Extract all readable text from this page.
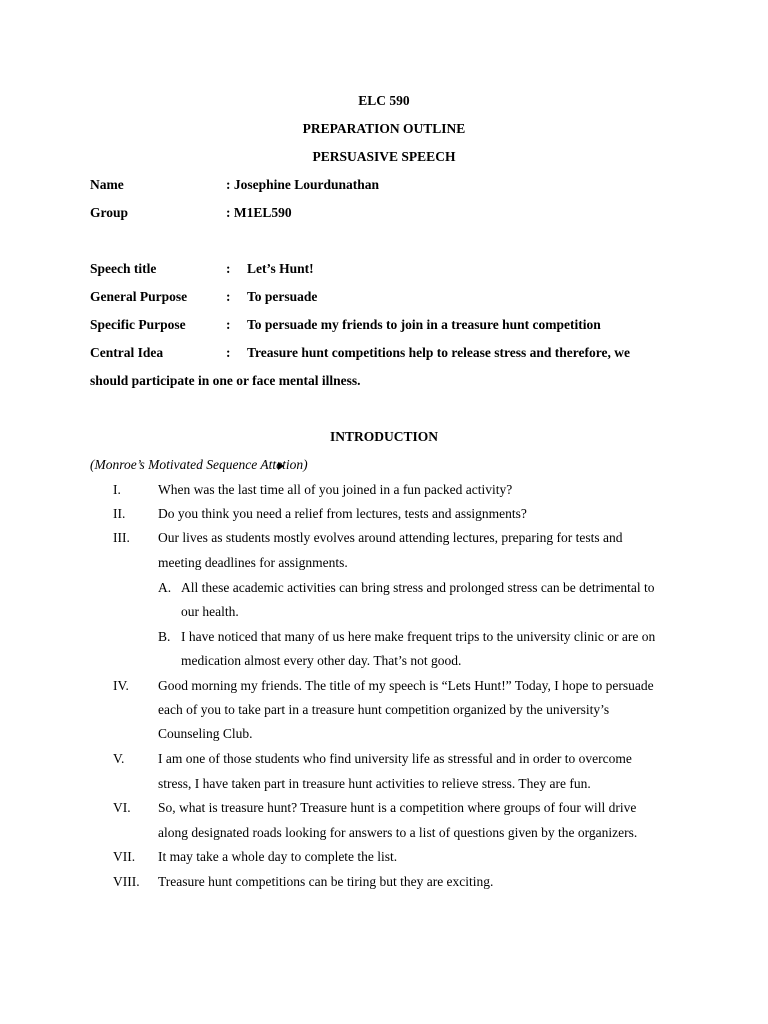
ELC 590
PREPARATION OUTLINE
PERSUASIVE SPEECH
Name	: Josephine Lourdunathan
Group	: M1EL590
Speech title	: Let’s Hunt!
General Purpose	: To persuade
Specific Purpose	: To persuade my friends to join in a treasure hunt competition
Central Idea	: Treasure hunt competitions help to release stress and therefore, we
should participate in one or face mental illness.
INTRODUCTION
(Monroe’s Motivated Sequence Attetion)
I.	When was the last time all of you joined in a fun packed activity?
II. Do you think you need a relief from lectures, tests and assignments?
III. Our lives as students mostly evolves around attending lectures, preparing for tests and
meeting deadlines for assignments.
A. All these academic activities can bring stress and prolonged stress can be detrimental to
our health.
B. I have noticed that many of us here make frequent trips to the university clinic or are on
medication almost every other day. That’s not good.
IV. Good morning my friends. The title of my speech is “Lets Hunt!” Today, I hope to persuade
each of you to take part in a treasure hunt competition organized by the university’s
Counseling Club.
V. I am one of those students who find university life as stressful and in order to overcome
stress, I have taken part in treasure hunt activities to relieve stress. They are fun.
VI. So, what is treasure hunt? Treasure hunt is a competition where groups of four will drive
along designated roads looking for answers to a list of questions given by the organizers.
VII. It may take a whole day to complete the list.
VIII. Treasure hunt competitions can be tiring but they are exciting.
